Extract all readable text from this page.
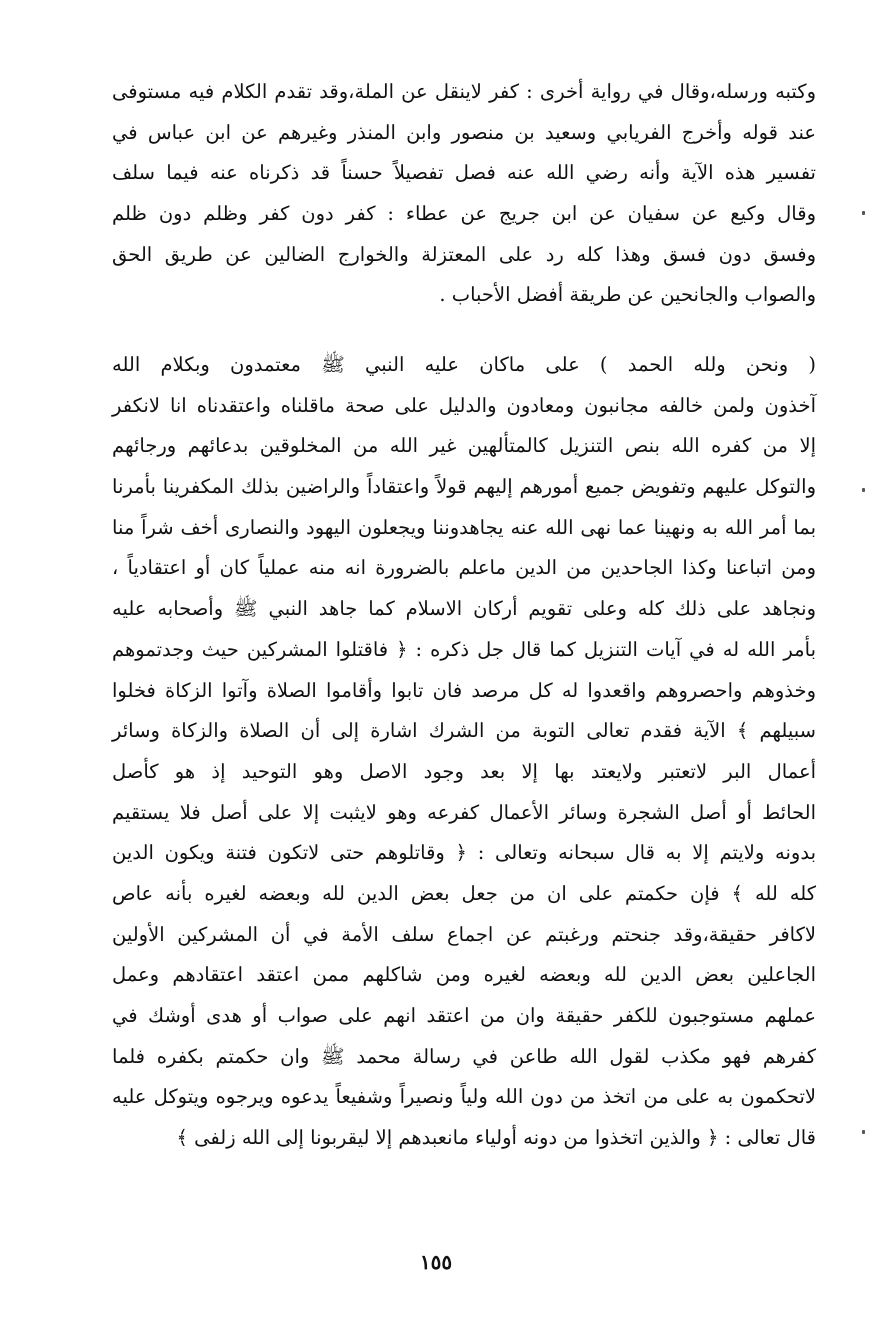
وكتبه ورسله،وقال في رواية أخرى : كفر لاينقل عن الملة،وقد تقدم الكلام فيه مستوفى
عند قوله وأخرج الفريابي وسعيد بن منصور وابن المنذر وغيرهم عن ابن عباس في
تفسير هذه الآية وأنه رضي الله عنه فصل تفصيلاً حسناً قد ذكرناه عنه فيما سلف
وقال وكيع عن سفيان عن ابن جريج عن عطاء : كفر دون كفر وظلم دون ظلم
وفسق دون فسق وهذا كله رد على المعتزلة والخوارج الضالين عن طريق الحق
والصواب والجانحين عن طريقة أفضل الأحباب .
( ونحن ولله الحمد ) على ماكان عليه النبي ﷺ معتمدون وبكلام الله
آخذون ولمن خالفه مجانبون ومعادون والدليل على صحة ماقلناه واعتقدناه انا لانكفر
إلا من كفره الله بنص التنزيل كالمتألهين غير الله من المخلوقين بدعائهم ورجائهم
والتوكل عليهم وتفويض جميع أمورهم إليهم قولاً واعتقاداً والراضين بذلك المكفرينا بأمرنا
بما أمر الله به ونهينا عما نهى الله عنه يجاهدوننا ويجعلون اليهود والنصارى أخف شراً منا
ومن اتباعنا وكذا الجاحدين من الدين ماعلم بالضرورة انه منه عملياً كان أو اعتقادياً ،
ونجاهد على ذلك كله وعلى تقويم أركان الاسلام كما جاهد النبي ﷺ وأصحابه عليه
بأمر الله له في آيات التنزيل كما قال جل ذكره : ﴿ فاقتلوا المشركين حيث وجدتموهم
وخذوهم واحصروهم واقعدوا له كل مرصد فان تابوا وأقاموا الصلاة وآتوا الزكاة فخلوا
سبيلهم ﴾ الآية فقدم تعالى التوبة من الشرك اشارة إلى أن الصلاة والزكاة وسائر
أعمال البر لاتعتبر ولايعتد بها إلا بعد وجود الاصل وهو التوحيد إذ هو كأصل
الحائط أو أصل الشجرة وسائر الأعمال كفرعه وهو لايثبت إلا على أصل فلا يستقيم
بدونه ولايتم إلا به قال سبحانه وتعالى : ﴿ وقاتلوهم حتى لاتكون فتنة ويكون الدين
كله لله ﴾ فإن حكمتم على ان من جعل بعض الدين لله وبعضه لغيره بأنه عاص
لاكافر حقيقة،وقد جنحتم ورغبتم عن اجماع سلف الأمة في أن المشركين الأولين
الجاعلين بعض الدين لله وبعضه لغيره ومن شاكلهم ممن اعتقد اعتقادهم وعمل
عملهم مستوجبون للكفر حقيقة وان من اعتقد انهم على صواب أو هدى أوشك في
كفرهم فهو مكذب لقول الله طاعن في رسالة محمد ﷺ وان حكمتم بكفره فلما
لاتحكمون به على من اتخذ من دون الله ولياً ونصيراً وشفيعاً يدعوه ويرجوه ويتوكل عليه
قال تعالى : ﴿ والذين اتخذوا من دونه أولياء مانعبدهم إلا ليقربونا إلى الله زلفى ﴾
١٥٥
